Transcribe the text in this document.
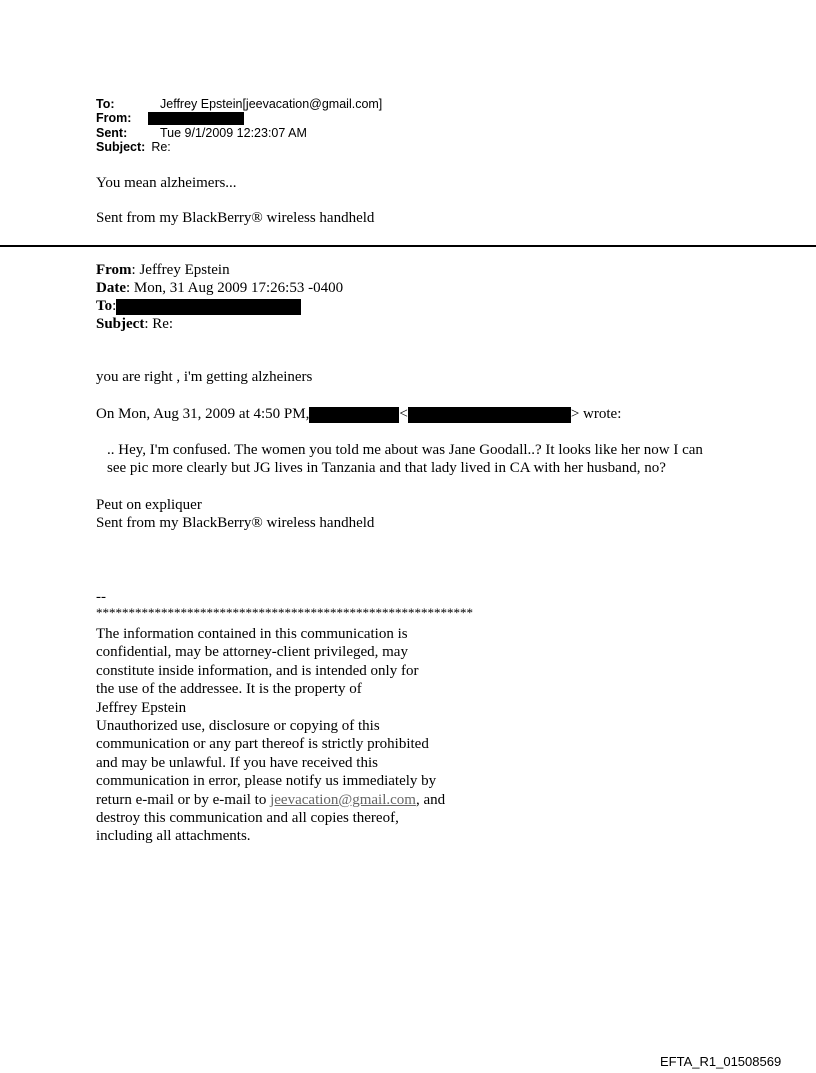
To:	Jeffrey Epstein[jeevacation@gmail.com]
From:
Sent:	Tue 9/1/2009 12:23:07 AM
Subject: Re:
You mean alzheimers...
Sent from my BlackBerry® wireless handheld
From: Jeffrey Epstein
Date: Mon, 31 Aug 2009 17:26:53 -0400
To:
Subject: Re:
you are right , i'm getting alzheiners
On Mon, Aug 31, 2009 at 4:50 PM,	<	> wrote:
.. Hey, I'm confused. The women you told me about was Jane Goodall..? It looks like her now I can see pic more clearly but JG lives in Tanzania and that lady lived in CA with her husband, no?
Peut on expliquer
Sent from my BlackBerry® wireless handheld
--
**********************************************************
The information contained in this communication is
confidential, may be attorney-client privileged, may
constitute inside information, and is intended only for
the use of the addressee. It is the property of
Jeffrey Epstein
Unauthorized use, disclosure or copying of this
communication or any part thereof is strictly prohibited
and may be unlawful. If you have received this
communication in error, please notify us immediately by
return e-mail or by e-mail to jeevacation@gmail.com, and
destroy this communication and all copies thereof,
including all attachments.
EFTA_R1_01508569
